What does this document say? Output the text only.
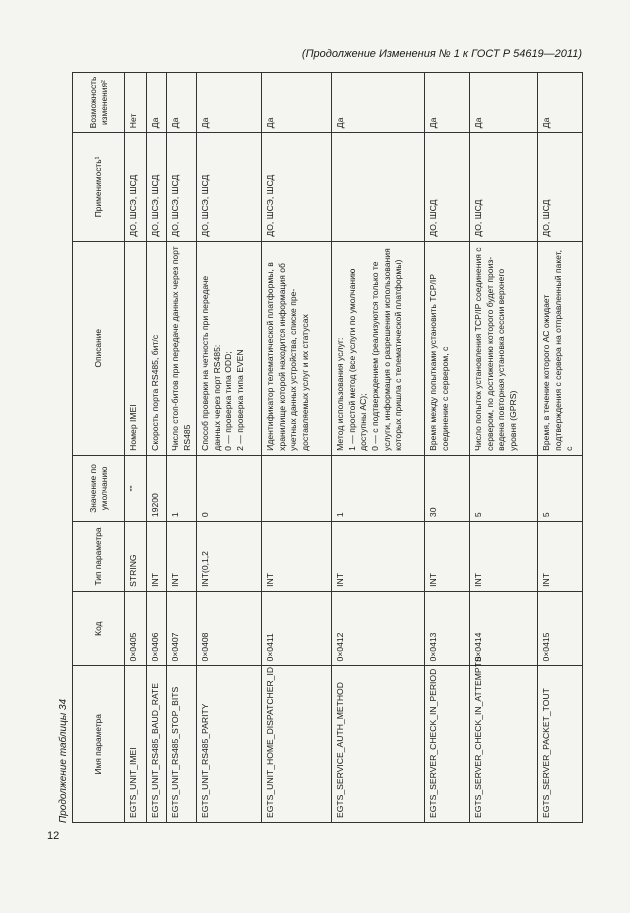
(Продолжение Изменения № 1 к ГОСТ Р 54619—2011)
Продолжение таблицы 34	Имя параметра	Код	Тип параметра	Значение по умолчанию	Описание	Применимость¹	Возможность изменения²
EGTS_UNIT_IMEI	0×0405	STRING	""	Номер IMEI	ДО, ШСЭ, ШСД	Нет
EGTS_UNIT_RS485_BAUD_RATE	0×0406	INT	19200	Скорость порта RS485, бит/с	ДО, ШСЭ, ШСД	Да
EGTS_UNIT_RS485_STOP_BITS	0×0407	INT	1	Число стоп-битов при передаче данных через порт RS485	ДО, ШСЭ, ШСД	Да
EGTS_UNIT_RS485_PARITY	0×0408	INT(0,1,2	0	Способ проверки на четность при передаче данных через порт RS485:
0 — проверка типа ODD;
2 — проверка типа EVEN	ДО, ШСЭ, ШСД	Да
EGTS_UNIT_HOME_DISPATCHER_ID	0×0411	INT		Идентификатор телематической платформы, в хранилище которой находится информация об учетных данных устройства, списке предоставляемых услуг и их статусах	ДО, ШСЭ, ШСД	Да
EGTS_SERVICE_AUTH_METHOD	0×0412	INT	1	Метод использования услуг:
1 — простой метод (все услуги по умолчанию доступны АС);
0 — с подтверждением (реализуются только те услуги, информация о разрешении использования которых пришла с телематической платформы)		Да
EGTS_SERVER_CHECK_IN_PERIOD	0×0413	INT	30	Время между попытками установить TCP/IP соединение с сервером, с	ДО, ШСД	Да
EGTS_SERVER_CHECK_IN_ATTEMPTS	0×0414	INT	5	Число попыток установления TCP/IP соединения с сервером, по достижению которого будет произведена повторная установка сессии верхнего уровня (GPRS)	ДО, ШСД	Да
EGTS_SERVER_PACKET_TOUT	0×0415	INT	5	Время, в течение которого АС ожидает подтверждения с сервера на отправленный пакет, с	ДО, ШСД	Да
12
